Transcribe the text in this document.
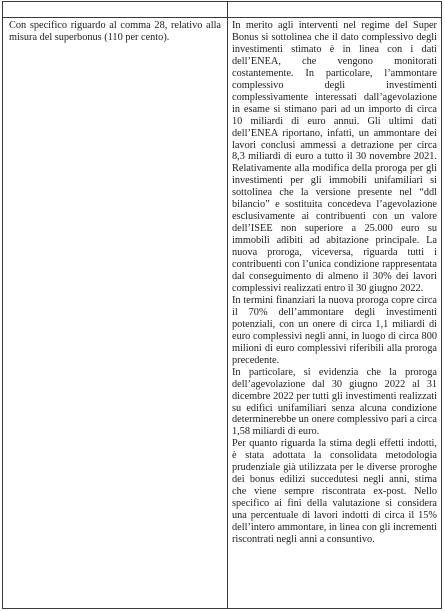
Con specifico riguardo al comma 28, relativo alla misura del superbonus (110 per cento).

In merito agli interventi nel regime del Super Bonus si sottolinea che il dato complessivo degli investimenti stimato è in linea con i dati dell’ENEA, che vengono monitorati costantemente. In particolare, l’ammontare complessivo degli investimenti complessivamente interessati dall’agevolazione in esame si stimano pari ad un importo di circa 10 miliardi di euro annui. Gli ultimi dati dell’ENEA riportano, infatti, un ammontare dei lavori conclusi ammessi a detrazione per circa 8,3 miliardi di euro a tutto il 30 novembre 2021. Relativamente alla modifica della proroga per gli investimenti per gli immobili unifamiliari si sottolinea che la versione presente nel “ddl bilancio” e sostituita concedeva l’agevolazione esclusivamente ai contribuenti con un valore dell’ISEE non superiore a 25.000 euro su immobili adibiti ad abitazione principale. La nuova proroga, viceversa, riguarda tutti i contribuenti con l’unica condizione rappresentata dal conseguimento di almeno il 30% dei lavori complessivi realizzati entro il 30 giugno 2022.

In termini finanziari la nuova proroga copre circa il 70% dell’ammontare degli investimenti potenziali, con un onere di circa 1,1 miliardi di euro complessivi negli anni, in luogo di circa 800 milioni di euro complessivi riferibili alla proroga precedente.

In particolare, si evidenzia che la proroga dell’agevolazione dal 30 giugno 2022 al 31 dicembre 2022 per tutti gli investimenti realizzati su edifici unifamiliari senza alcuna condizione determinerebbe un onere complessivo pari a circa 1,58 miliardi di euro.

Per quanto riguarda la stima degli effetti indotti, è stata adottata la consolidata metodologia prudenziale già utilizzata per le diverse proroghe dei bonus edilizi succedutesi negli anni, stima che viene sempre riscontrata ex-post. Nello specifico ai fini della valutazione si considera una percentuale di lavori indotti di circa il 15% dell’intero ammontare, in linea con gli incrementi riscontrati negli anni a consuntivo.
